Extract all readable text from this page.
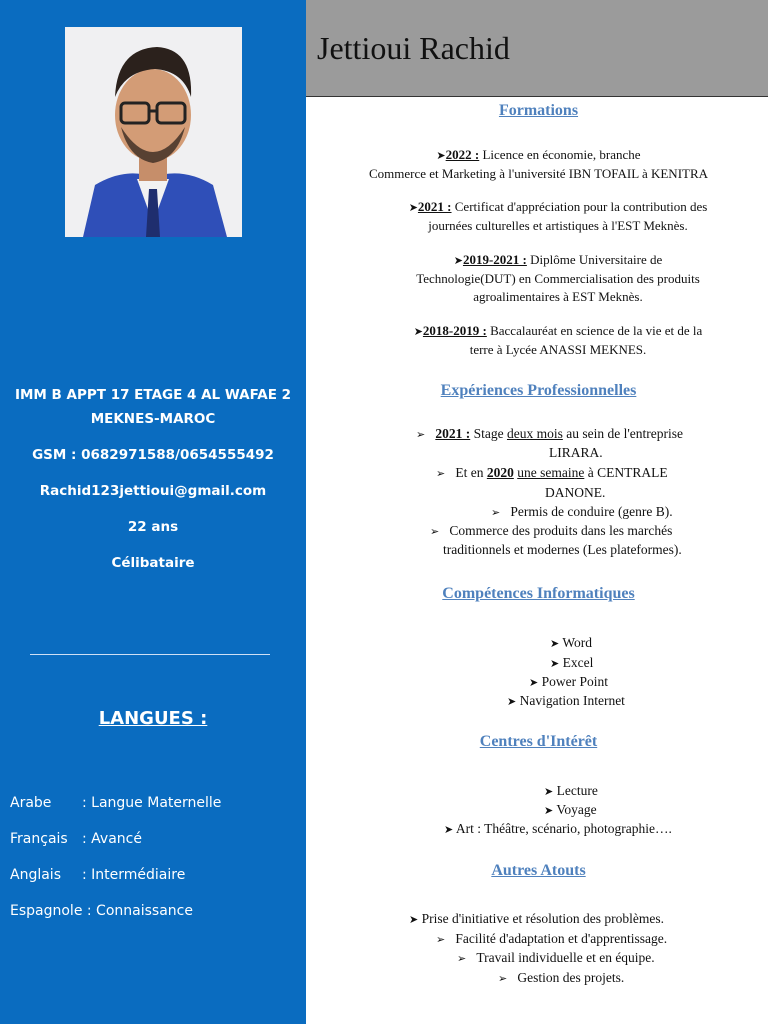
IMM B APPT 17 ETAGE 4 AL WAFAE 2
MEKNES-MAROC
GSM : 0682971588/0654555492
Rachid123jettioui@gmail.com
22 ans
Célibataire
LANGUES :
Arabe : Langue Maternelle
Français : Avancé
Anglais : Intermédiaire
Espagnole : Connaissance
Jettioui Rachid
Formations
➤2022 : Licence en économie, branche
Commerce et Marketing à l'université IBN TOFAIL à KENITRA
➤2021 : Certificat d'appréciation pour la contribution des
journées culturelles et artistiques à l'EST Meknès.
➤2019-2021 : Diplôme Universitaire de
Technologie(DUT) en Commercialisation des produits
agroalimentaires à EST Meknès.
➤2018-2019 : Baccalauréat en science de la vie et de la
terre à Lycée ANASSI MEKNES.
Expériences Professionnelles
➢ 2021 : Stage deux mois au sein de l'entreprise
LIRARA.
➢ Et en 2020 une semaine à CENTRALE
DANONE.
➢ Permis de conduire (genre B).
➢ Commerce des produits dans les marchés
traditionnels et modernes (Les plateformes).
Compétences Informatiques
➤ Word
➤ Excel
➤ Power Point
➤ Navigation Internet
Centres d'Intérêt
➤ Lecture
➤ Voyage
➤ Art : Théâtre, scénario, photographie….
Autres Atouts
➤ Prise d'initiative et résolution des problèmes.
➢ Facilité d'adaptation et d'apprentissage.
➢ Travail individuelle et en équipe.
➢ Gestion des projets.
